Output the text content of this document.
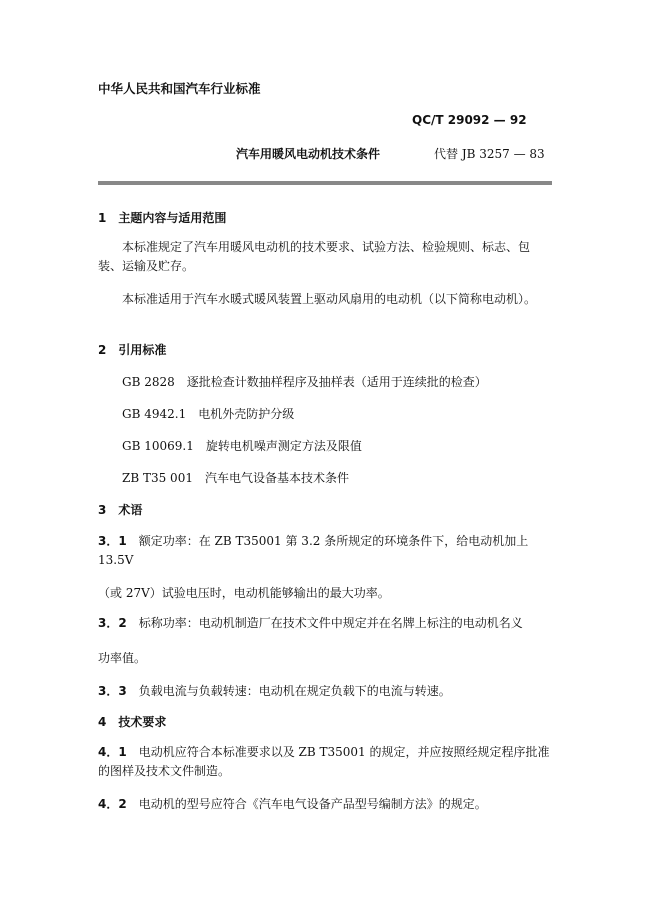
中华人民共和国汽车行业标准
QC/T 29092 — 92
汽车用暖风电动机技术条件	代替 JB 3257 — 83
1　主题内容与适用范围
本标准规定了汽车用暖风电动机的技术要求、试验方法、检验规则、标志、包装、运输及贮存。
本标准适用于汽车水暖式暖风装置上驱动风扇用的电动机（以下简称电动机）。
2　引用标准
GB 2828　逐批检查计数抽样程序及抽样表（适用于连续批的检查）
GB 4942.1　电机外壳防护分级
GB 10069.1　旋转电机噪声测定方法及限值
ZB T35 001　汽车电气设备基本技术条件
3　术语
3．1　 额定功率：在 ZB T35001 第 3.2 条所规定的环境条件下，给电动机加上 13.5V
（或 27V）试验电压时，电动机能够输出的最大功率。
3．2　 标称功率：电动机制造厂在技术文件中规定并在名牌上标注的电动机名义
功率值。
3．3　 负载电流与负载转速：电动机在规定负载下的电流与转速。
4　技术要求
4．1　 电动机应符合本标准要求以及 ZB T35001 的规定，并应按照经规定程序批准的图样及技术文件制造。
4．2　 电动机的型号应符合《汽车电气设备产品型号编制方法》的规定。
